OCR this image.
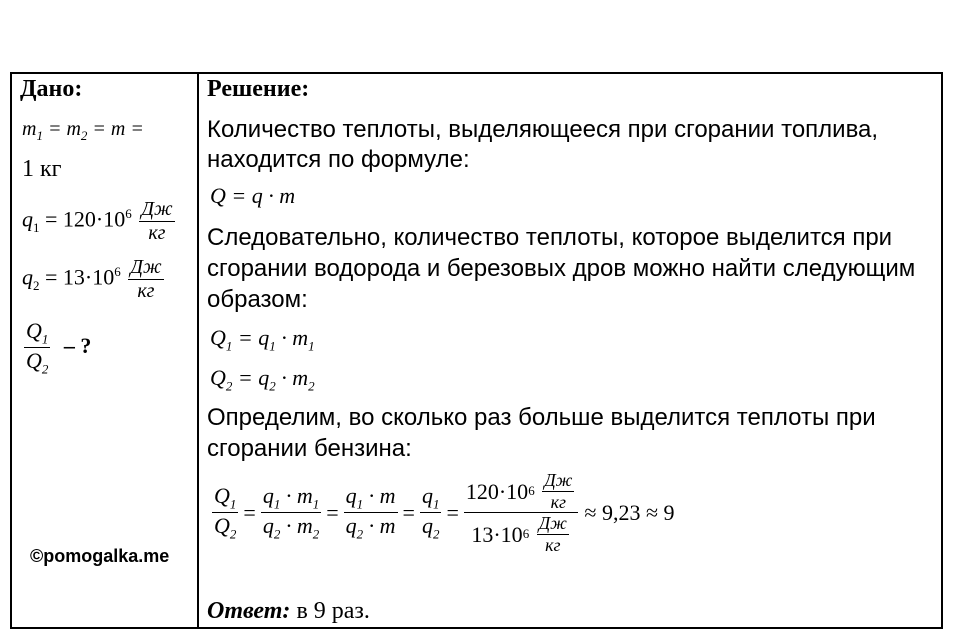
Дано:
$m_1 = m_2 = m$ =
1 кг
$q_1 = 120\cdot 10^6 \frac{Дж}{кг}$
$q_2 = 13\cdot 10^6 \frac{Дж}{кг}$
$\frac{Q_1}{Q_2}$ – ?
©pomogalka.me
Решение:
Количество теплоты, выделяющееся при сгорании топлива,
находится по формуле:
Q = q · m
Следовательно, количество теплоты, которое выделится при
сгорании водорода и березовых дров можно найти следующим
образом:
$Q_1 = q_1 \cdot m_1$
$Q_2 = q_2 \cdot m_2$
Определим, во сколько раз больше выделится теплоты при
сгорании бензина:
$\frac{Q_1}{Q_2} = \frac{q_1 \cdot m_1}{q_2 \cdot m_2} = \frac{q_1 \cdot m}{q_2 \cdot m} = \frac{q_1}{q_2} = 120\cdot 10$ 6
$\frac{Дж}{кг}$
13·10 6
$\frac{Дж}{кг} \approx 9,23 \approx 9$
Ответ: в 9 раз.
